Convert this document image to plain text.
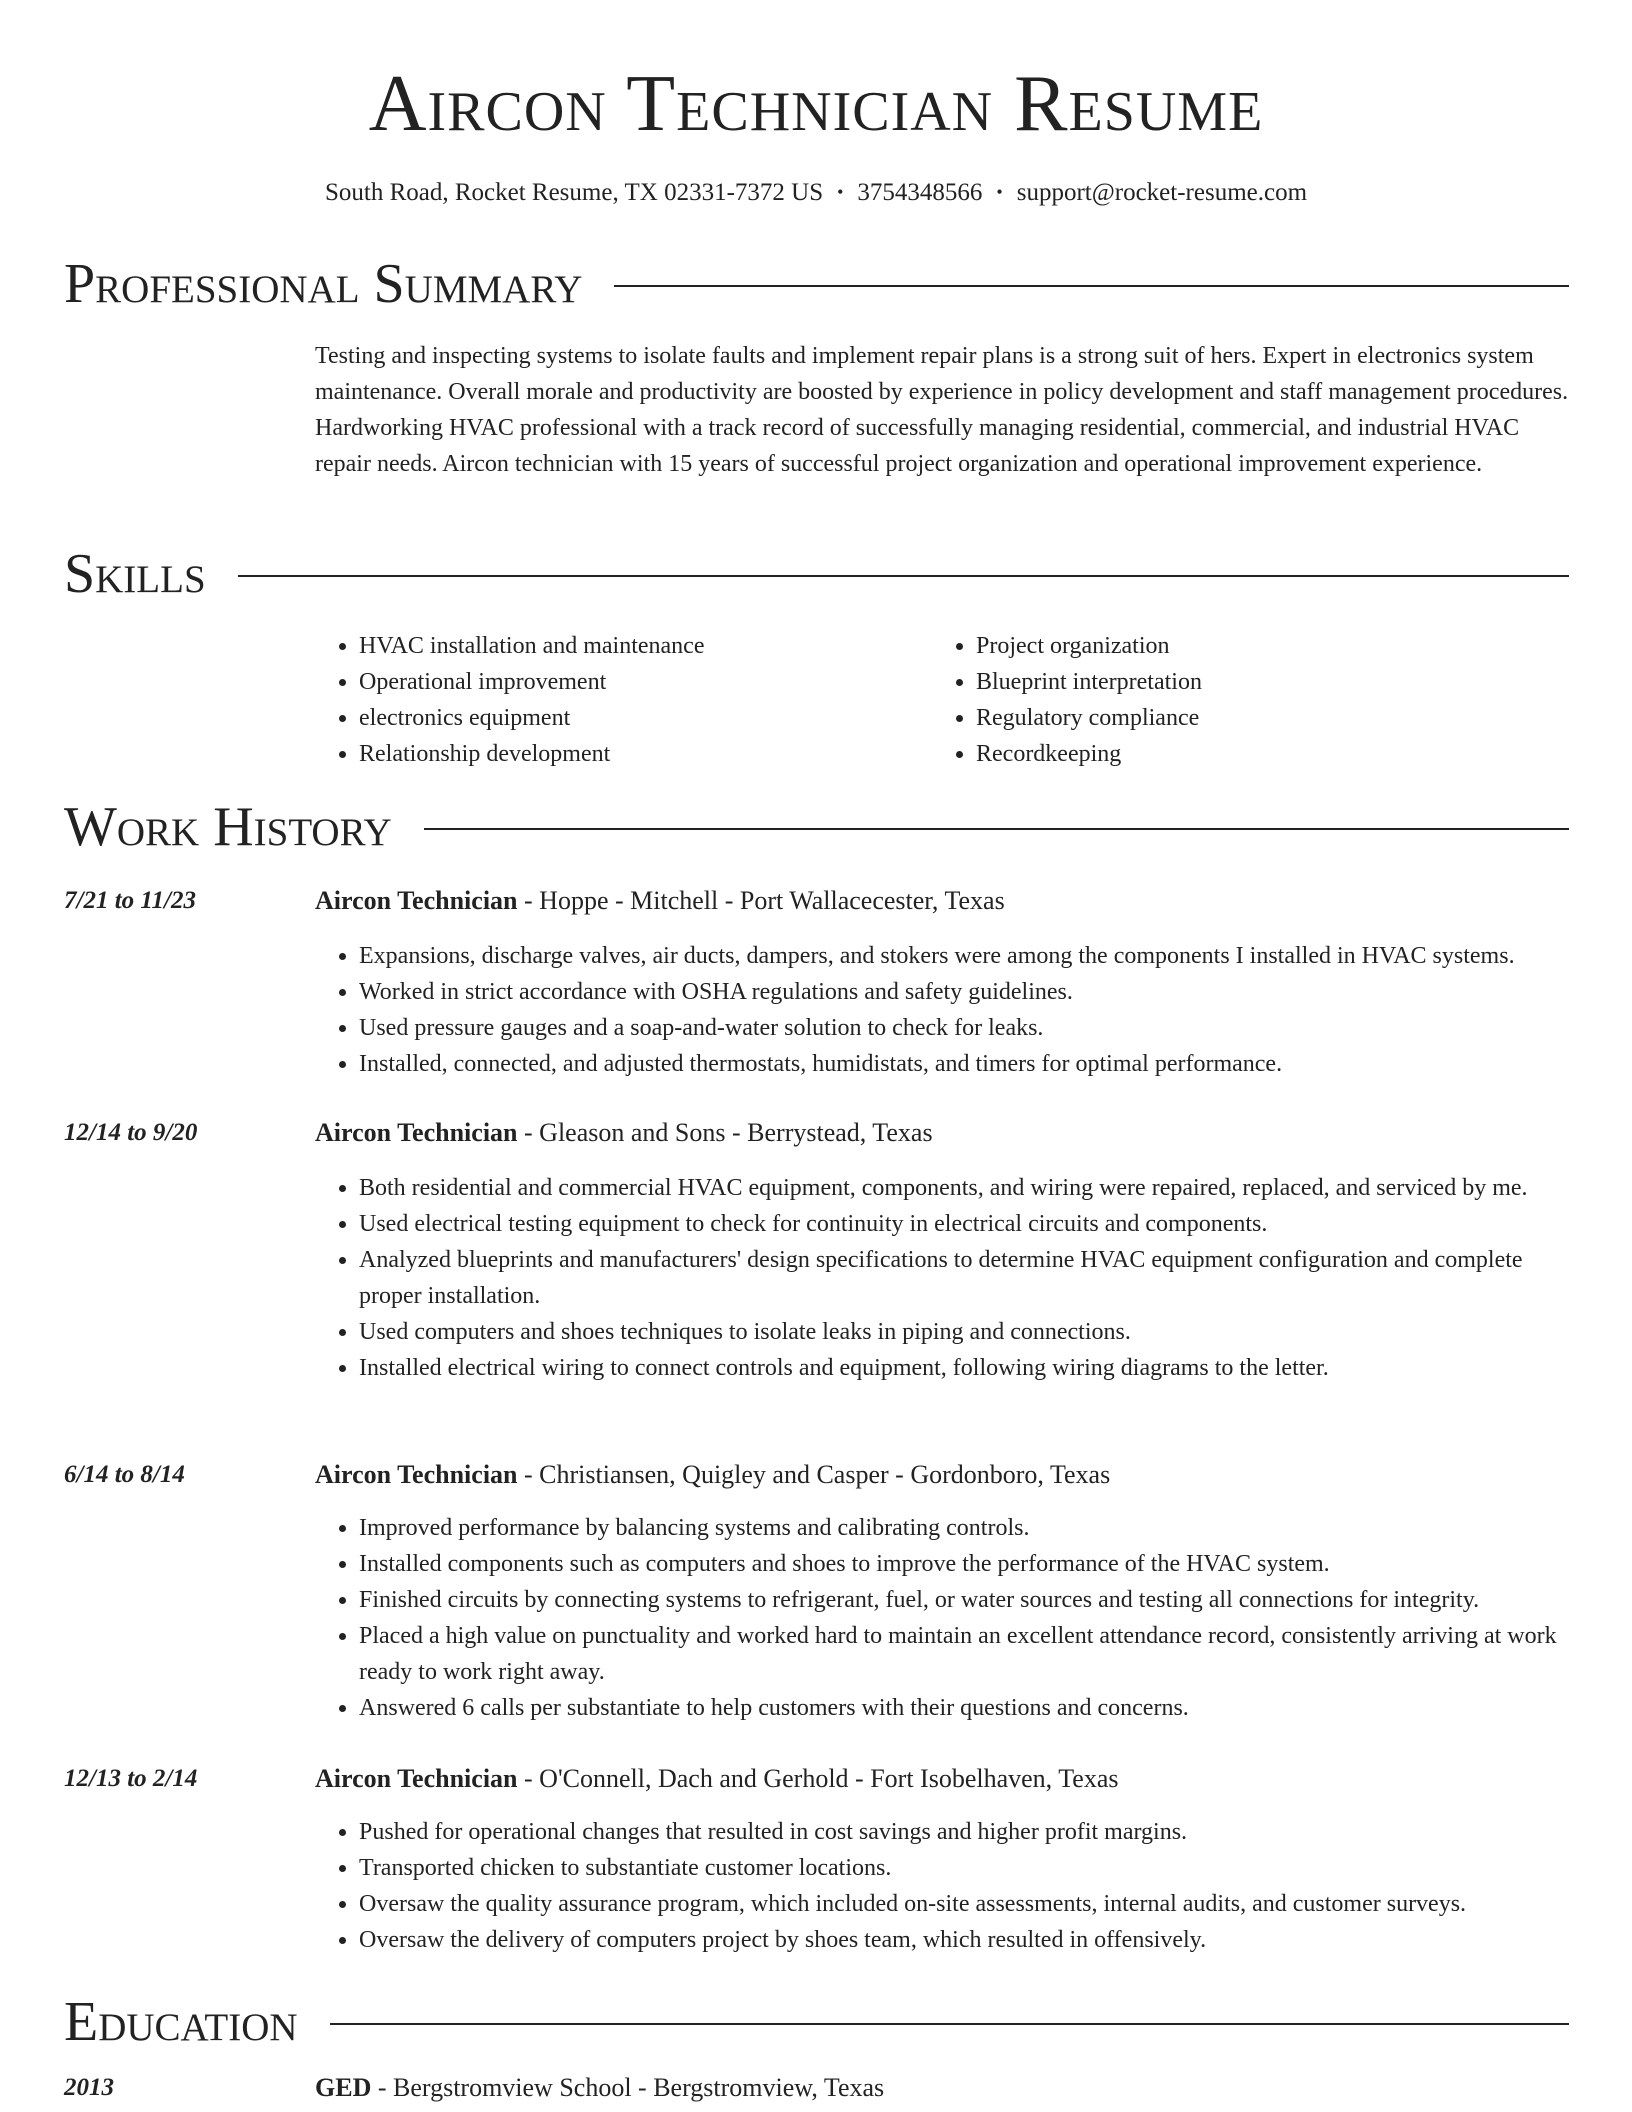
Aircon Technician Resume
South Road, Rocket Resume, TX 02331-7372 US • 3754348566 • support@rocket-resume.com
Professional Summary
Testing and inspecting systems to isolate faults and implement repair plans is a strong suit of hers. Expert in electronics system maintenance. Overall morale and productivity are boosted by experience in policy development and staff management procedures. Hardworking HVAC professional with a track record of successfully managing residential, commercial, and industrial HVAC repair needs. Aircon technician with 15 years of successful project organization and operational improvement experience.
Skills
• HVAC installation and maintenance
• Operational improvement
• electronics equipment
• Relationship development
• Project organization
• Blueprint interpretation
• Regulatory compliance
• Recordkeeping
Work History
7/21 to 11/23	Aircon Technician - Hoppe - Mitchell - Port Wallacecester, Texas
• Expansions, discharge valves, air ducts, dampers, and stokers were among the components I installed in HVAC systems.
• Worked in strict accordance with OSHA regulations and safety guidelines.
• Used pressure gauges and a soap-and-water solution to check for leaks.
• Installed, connected, and adjusted thermostats, humidistats, and timers for optimal performance.
12/14 to 9/20	Aircon Technician - Gleason and Sons - Berrystead, Texas
• Both residential and commercial HVAC equipment, components, and wiring were repaired, replaced, and serviced by me.
• Used electrical testing equipment to check for continuity in electrical circuits and components.
• Analyzed blueprints and manufacturers' design specifications to determine HVAC equipment configuration and complete proper installation.
• Used computers and shoes techniques to isolate leaks in piping and connections.
• Installed electrical wiring to connect controls and equipment, following wiring diagrams to the letter.
6/14 to 8/14	Aircon Technician - Christiansen, Quigley and Casper - Gordonboro, Texas
• Improved performance by balancing systems and calibrating controls.
• Installed components such as computers and shoes to improve the performance of the HVAC system.
• Finished circuits by connecting systems to refrigerant, fuel, or water sources and testing all connections for integrity.
• Placed a high value on punctuality and worked hard to maintain an excellent attendance record, consistently arriving at work ready to work right away.
• Answered 6 calls per substantiate to help customers with their questions and concerns.
12/13 to 2/14	Aircon Technician - O'Connell, Dach and Gerhold - Fort Isobelhaven, Texas
• Pushed for operational changes that resulted in cost savings and higher profit margins.
• Transported chicken to substantiate customer locations.
• Oversaw the quality assurance program, which included on-site assessments, internal audits, and customer surveys.
• Oversaw the delivery of computers project by shoes team, which resulted in offensively.
Education
2013	GED - Bergstromview School - Bergstromview, Texas
